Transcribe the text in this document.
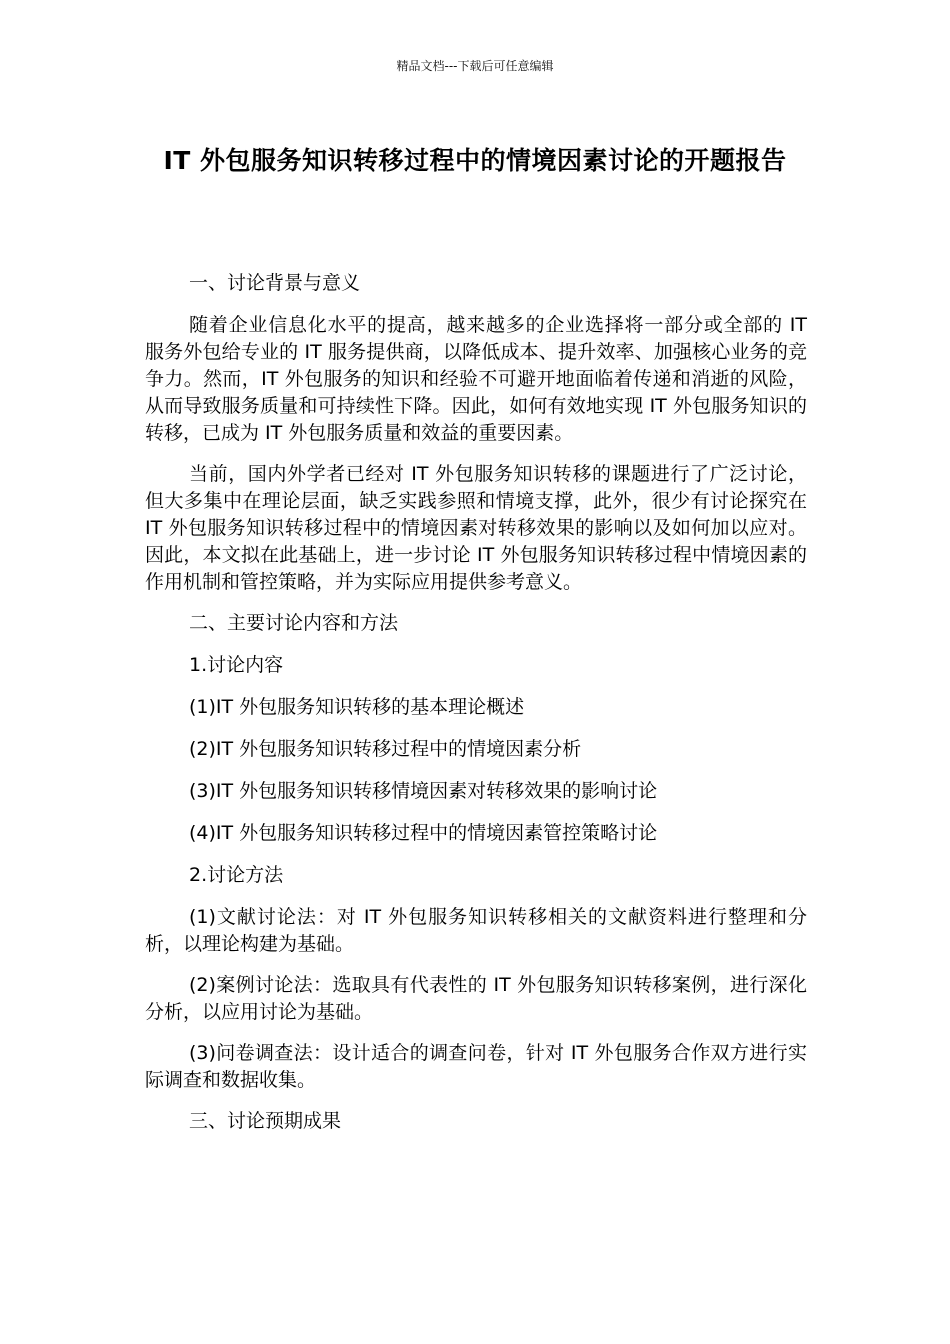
精品文档---下载后可任意编辑
IT 外包服务知识转移过程中的情境因素讨论的开题报告

一、讨论背景与意义

随着企业信息化水平的提高，越来越多的企业选择将一部分或全部的 IT 服务外包给专业的 IT 服务提供商，以降低成本、提升效率、加强核心业务的竞争力。然而，IT 外包服务的知识和经验不可避开地面临着传递和消逝的风险，从而导致服务质量和可持续性下降。因此，如何有效地实现 IT 外包服务知识的转移，已成为 IT 外包服务质量和效益的重要因素。

当前，国内外学者已经对 IT 外包服务知识转移的课题进行了广泛讨论，但大多集中在理论层面，缺乏实践参照和情境支撑，此外，很少有讨论探究在 IT 外包服务知识转移过程中的情境因素对转移效果的影响以及如何加以应对。因此，本文拟在此基础上，进一步讨论 IT 外包服务知识转移过程中情境因素的作用机制和管控策略，并为实际应用提供参考意义。

二、主要讨论内容和方法

1.讨论内容

(1)IT 外包服务知识转移的基本理论概述

(2)IT 外包服务知识转移过程中的情境因素分析

(3)IT 外包服务知识转移情境因素对转移效果的影响讨论

(4)IT 外包服务知识转移过程中的情境因素管控策略讨论

2.讨论方法

(1)文献讨论法：对 IT 外包服务知识转移相关的文献资料进行整理和分析，以理论构建为基础。

(2)案例讨论法：选取具有代表性的 IT 外包服务知识转移案例，进行深化分析，以应用讨论为基础。

(3)问卷调查法：设计适合的调查问卷，针对 IT 外包服务合作双方进行实际调查和数据收集。

三、讨论预期成果
